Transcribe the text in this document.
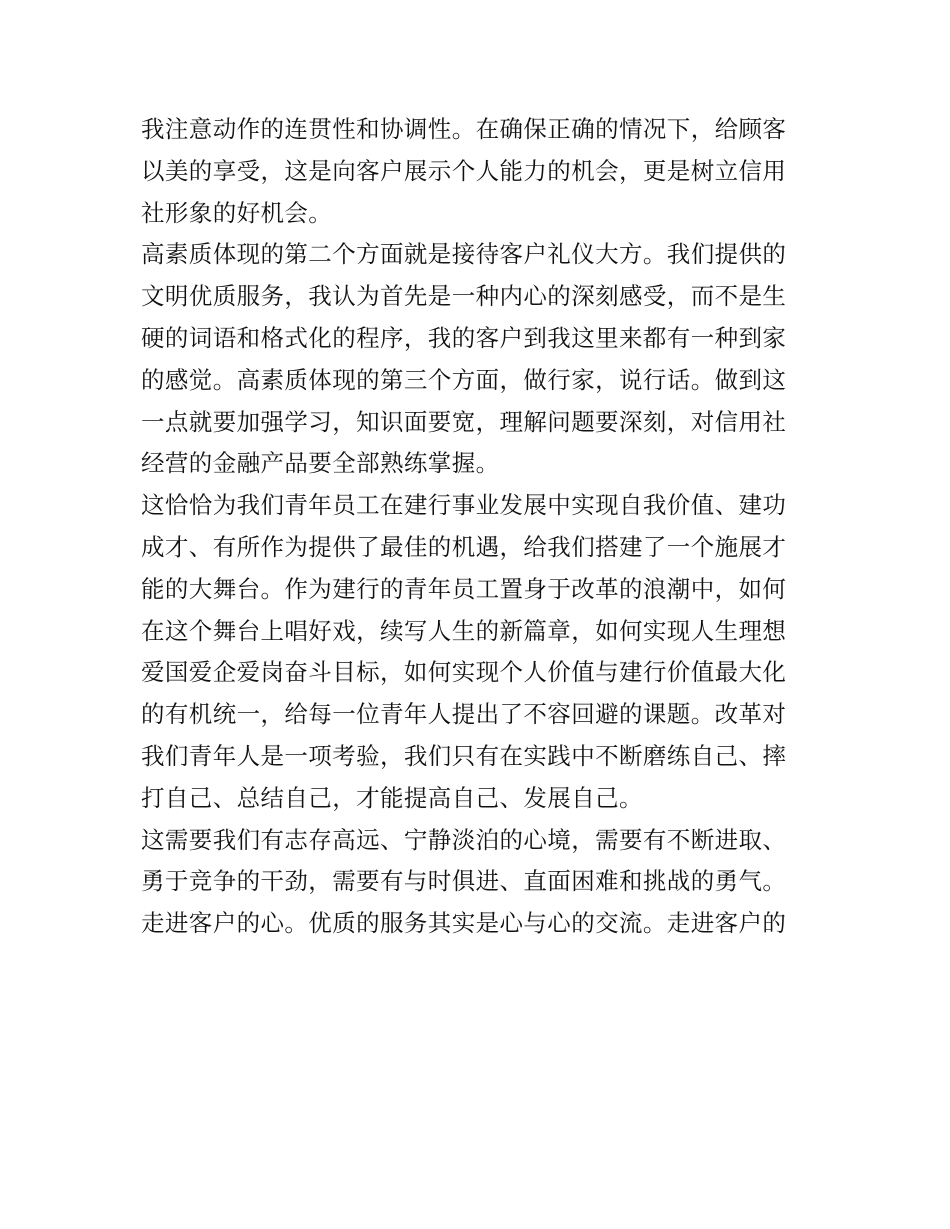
我注意动作的连贯性和协调性。在确保正确的情况下，给顾客
以美的享受，这是向客户展示个人能力的机会，更是树立信用
社形象的好机会。
高素质体现的第二个方面就是接待客户礼仪大方。我们提供的
文明优质服务，我认为首先是一种内心的深刻感受，而不是生
硬的词语和格式化的程序，我的客户到我这里来都有一种到家
的感觉。高素质体现的第三个方面，做行家，说行话。做到这
一点就要加强学习，知识面要宽，理解问题要深刻，对信用社
经营的金融产品要全部熟练掌握。
这恰恰为我们青年员工在建行事业发展中实现自我价值、建功
成才、有所作为提供了最佳的机遇，给我们搭建了一个施展才
能的大舞台。作为建行的青年员工置身于改革的浪潮中，如何
在这个舞台上唱好戏，续写人生的新篇章，如何实现人生理想
爱国爱企爱岗奋斗目标，如何实现个人价值与建行价值最大化
的有机统一，给每一位青年人提出了不容回避的课题。改革对
我们青年人是一项考验，我们只有在实践中不断磨练自己、摔
打自己、总结自己，才能提高自己、发展自己。
这需要我们有志存高远、宁静淡泊的心境，需要有不断进取、
勇于竞争的干劲，需要有与时俱进、直面困难和挑战的勇气。
走进客户的心。优质的服务其实是心与心的交流。走进客户的
